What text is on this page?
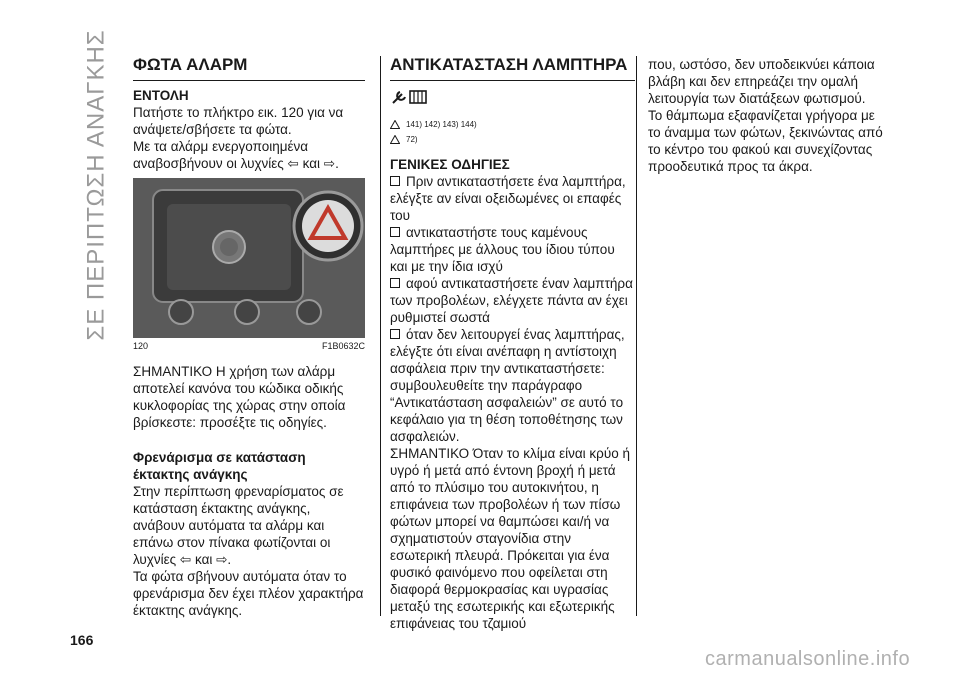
ΣΕ ΠΕΡΙΠΤΩΣΗ ΑΝΑΓΚΗΣ ΦΩΤΑ ΑΛΑΡΜ
ΕΝΤΟΛΗ

Πατήστε το πλήκτρο εικ. 120 για να ανάψετε/σβήσετε τα φώτα.

Με τα αλάρμ ενεργοποιημένα αναβοσβήνουν οι λυχνίες ⇦ και ⇨.

120	F1B0632C

ΣΗΜΑΝΤΙΚΟ Η χρήση των αλάρμ αποτελεί κανόνα του κώδικα οδικής κυκλοφορίας της χώρας στην οποία βρίσκεστε: προσέξτε τις οδηγίες.

Φρενάρισμα σε κατάσταση έκτακτης ανάγκης

Στην περίπτωση φρεναρίσματος σε κατάσταση έκτακτης ανάγκης, ανάβουν αυτόματα τα αλάρμ και επάνω στον πίνακα φωτίζονται οι λυχνίες ⇦ και ⇨.

Τα φώτα σβήνουν αυτόματα όταν το φρενάρισμα δεν έχει πλέον χαρακτήρα έκτακτης ανάγκης.

ΑΝΤΙΚΑΤΑΣΤΑΣΗ ΛΑΜΠΤΗΡΑ
141) 142) 143) 144)
72)
ΓΕΝΙΚΕΣ ΟΔΗΓΙΕΣ

Πριν αντικαταστήσετε ένα λαμπτήρα, ελέγξτε αν είναι οξειδωμένες οι επαφές του

αντικαταστήστε τους καμένους λαμπτήρες με άλλους του ίδιου τύπου και με την ίδια ισχύ

αφού αντικαταστήσετε έναν λαμπτήρα των προβολέων, ελέγχετε πάντα αν έχει ρυθμιστεί σωστά

όταν δεν λειτουργεί ένας λαμπτήρας, ελέγξτε ότι είναι ανέπαφη η αντίστοιχη ασφάλεια πριν την αντικαταστήσετε: συμβουλευθείτε την παράγραφο “Αντικατάσταση ασφαλειών” σε αυτό το κεφάλαιο για τη θέση τοποθέτησης των ασφαλειών.

ΣΗΜΑΝΤΙΚΟ Όταν το κλίμα είναι κρύο ή υγρό ή μετά από έντονη βροχή ή μετά από το πλύσιμο του αυτοκινήτου, η επιφάνεια των προβολέων ή των πίσω φώτων μπορεί να θαμπώσει και/ή να σχηματιστούν σταγονίδια στην εσωτερική πλευρά. Πρόκειται για ένα φυσικό φαινόμενο που οφείλεται στη διαφορά θερμοκρασίας και υγρασίας μεταξύ της εσωτερικής και εξωτερικής επιφάνειας του τζαμιού

που, ωστόσο, δεν υποδεικνύει κάποια βλάβη και δεν επηρεάζει την ομαλή λειτουργία των διατάξεων φωτισμού. Το θάμπωμα εξαφανίζεται γρήγορα με το άναμμα των φώτων, ξεκινώντας από το κέντρο του φακού και συνεχίζοντας προοδευτικά προς τα άκρα.

166
carmanualsonline.info
